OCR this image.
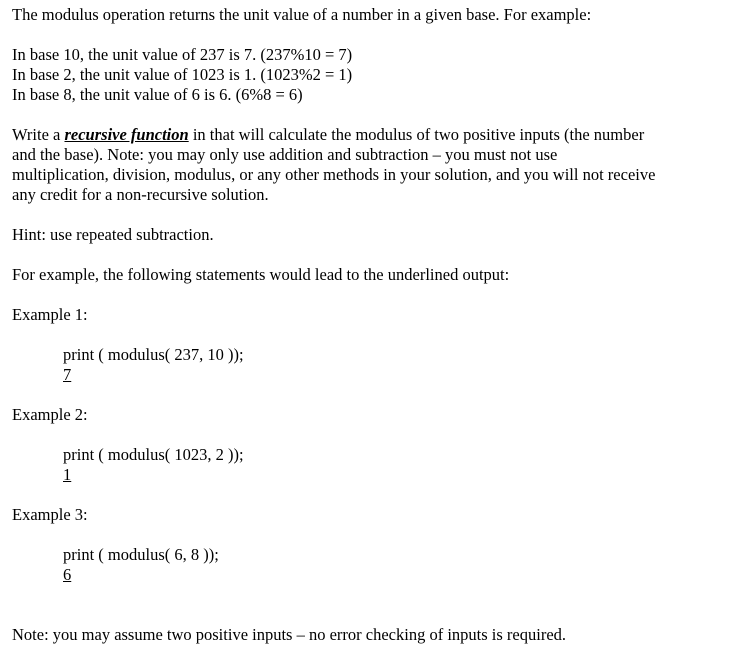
The modulus operation returns the unit value of a number in a given base. For example:
In base 10, the unit value of 237 is 7. (237%10 = 7)
In base 2, the unit value of 1023 is 1. (1023%2 = 1)
In base 8, the unit value of 6 is 6. (6%8 = 6)
Write a recursive function in that will calculate the modulus of two positive inputs (the number
and the base). Note: you may only use addition and subtraction – you must not use
multiplication, division, modulus, or any other methods in your solution, and you will not receive
any credit for a non-recursive solution.
Hint: use repeated subtraction.
For example, the following statements would lead to the underlined output:
Example 1:
print ( modulus( 237, 10 ));
7
Example 2:
print ( modulus( 1023, 2 ));
1
Example 3:
print ( modulus( 6, 8 ));
6
Note: you may assume two positive inputs – no error checking of inputs is required.
